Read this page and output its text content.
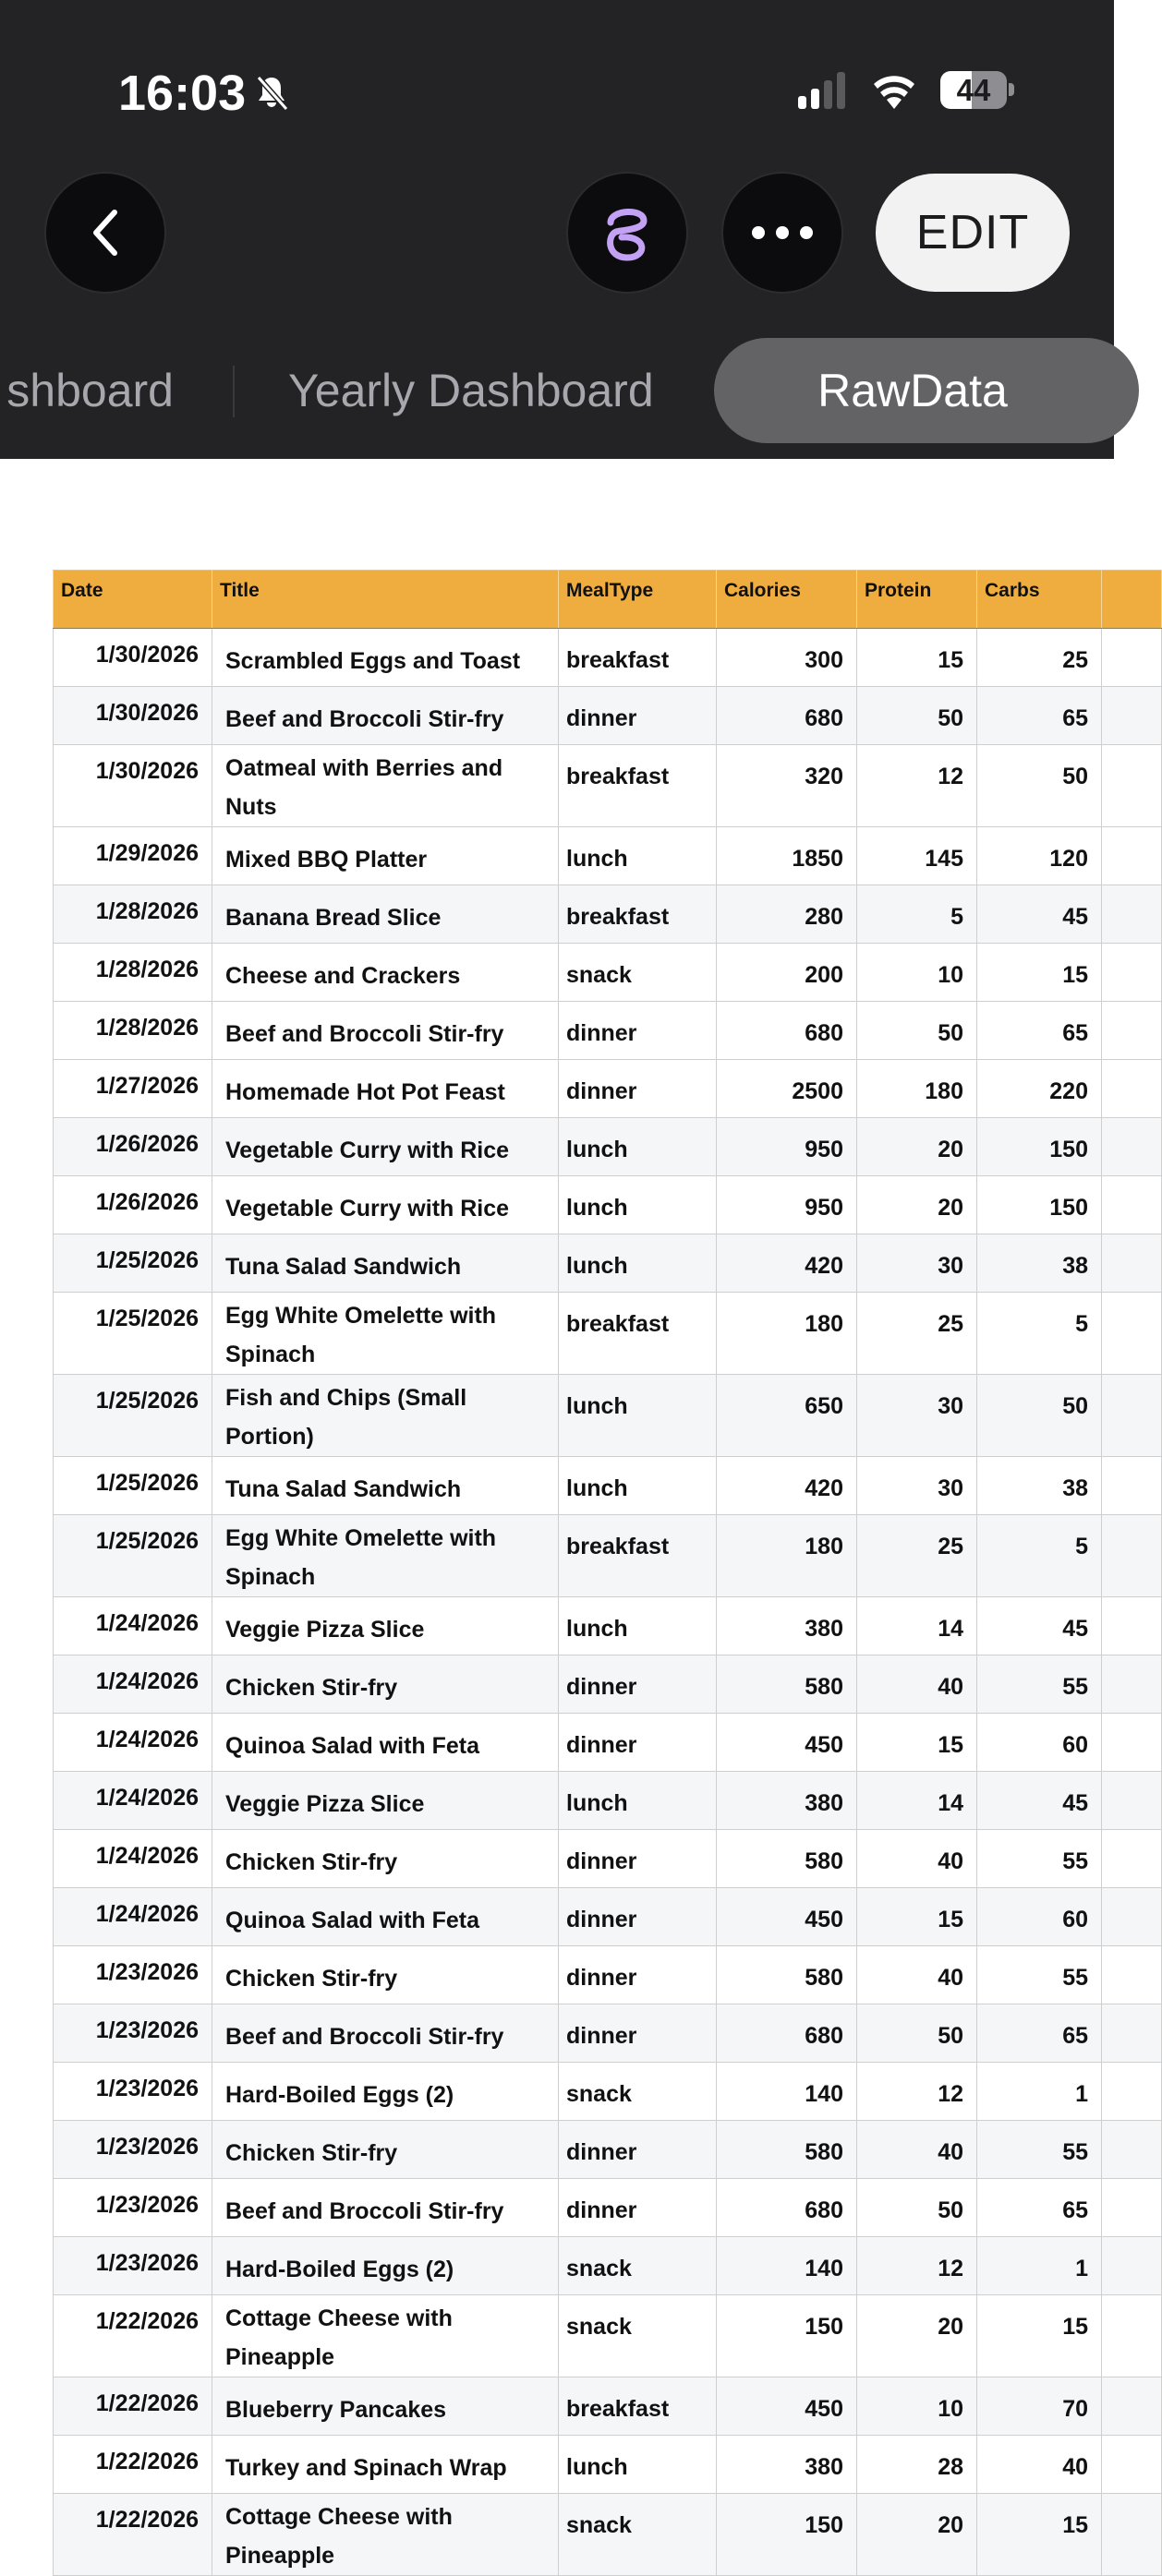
16:03	44
EDIT
shboard Yearly Dashboard	RawData
Date	Title	MealType	Calories	Protein	Carbs	
1/30/2026	Scrambled Eggs and Toast	breakfast	300	15	25	
1/30/2026	Beef and Broccoli Stir-fry	dinner	680	50	65	
1/30/2026	Oatmeal with Berries and Nuts	breakfast	320	12	50	
1/29/2026	Mixed BBQ Platter	lunch	1850	145	120	
1/28/2026	Banana Bread Slice	breakfast	280	5	45	
1/28/2026	Cheese and Crackers	snack	200	10	15	
1/28/2026	Beef and Broccoli Stir-fry	dinner	680	50	65	
1/27/2026	Homemade Hot Pot Feast	dinner	2500	180	220	
1/26/2026	Vegetable Curry with Rice	lunch	950	20	150	
1/26/2026	Vegetable Curry with Rice	lunch	950	20	150	
1/25/2026	Tuna Salad Sandwich	lunch	420	30	38	
1/25/2026	Egg White Omelette with Spinach	breakfast	180	25	5	
1/25/2026	Fish and Chips (Small Portion)	lunch	650	30	50	
1/25/2026	Tuna Salad Sandwich	lunch	420	30	38	
1/25/2026	Egg White Omelette with Spinach	breakfast	180	25	5	
1/24/2026	Veggie Pizza Slice	lunch	380	14	45	
1/24/2026	Chicken Stir-fry	dinner	580	40	55	
1/24/2026	Quinoa Salad with Feta	dinner	450	15	60	
1/24/2026	Veggie Pizza Slice	lunch	380	14	45	
1/24/2026	Chicken Stir-fry	dinner	580	40	55	
1/24/2026	Quinoa Salad with Feta	dinner	450	15	60	
1/23/2026	Chicken Stir-fry	dinner	580	40	55	
1/23/2026	Beef and Broccoli Stir-fry	dinner	680	50	65	
1/23/2026	Hard-Boiled Eggs (2)	snack	140	12	1	
1/23/2026	Chicken Stir-fry	dinner	580	40	55	
1/23/2026	Beef and Broccoli Stir-fry	dinner	680	50	65	
1/23/2026	Hard-Boiled Eggs (2)	snack	140	12	1	
1/22/2026	Cottage Cheese with Pineapple	snack	150	20	15	
1/22/2026	Blueberry Pancakes	breakfast	450	10	70	
1/22/2026	Turkey and Spinach Wrap	lunch	380	28	40	
1/22/2026	Cottage Cheese with Pineapple	snack	150	20	15	
